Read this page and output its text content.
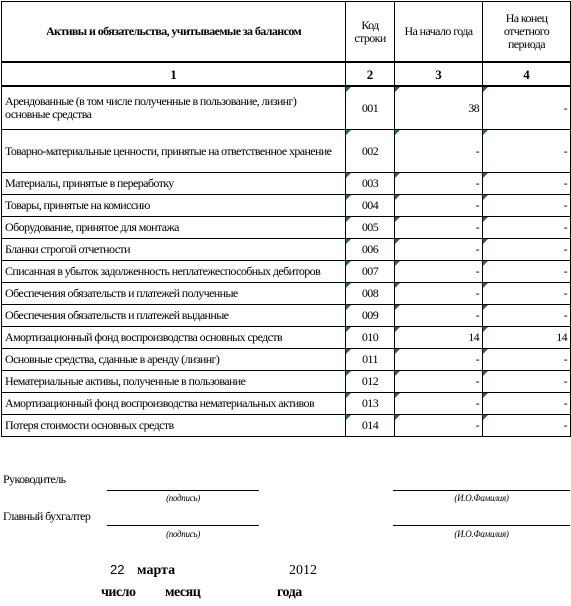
Активы и обязательства, учитываемые за балансом	Код строки	На начало года	На конец отчетного периода
1	2	3	4
Арендованные (в том числе полученные в пользование, лизинг) основные средства	001	38	-
Товарно-материальные ценности, принятые на ответственное хранение	002	-	-
Материалы, принятые в переработку	003	-	-
Товары, принятые на комиссию	004	-	-
Оборудование, принятое для монтажа	005	-	-
Бланки строгой отчетности	006	-	-
Списанная в убыток задолженность неплатежеспособных дебиторов	007	-	-
Обеспечения обязательств и платежей полученные	008	-	-
Обеспечения обязательств и платежей выданные	009	-	-
Амортизационный фонд воспроизводства основных средств	010	14	14
Основные средства, сданные в аренду (лизинг)	011	-	-
Нематериальные активы, полученные в пользование	012	-	-
Амортизационный фонд воспроизводства нематериальных активов	013	-	-
Потеря стоимости основных средств	014	-	-
Руководитель
(подпись)	(И.О.Фамилия)
Главный бухгалтер
(подпись)	(И.О.Фамилия)
22 марта	2012
число месяц	года
